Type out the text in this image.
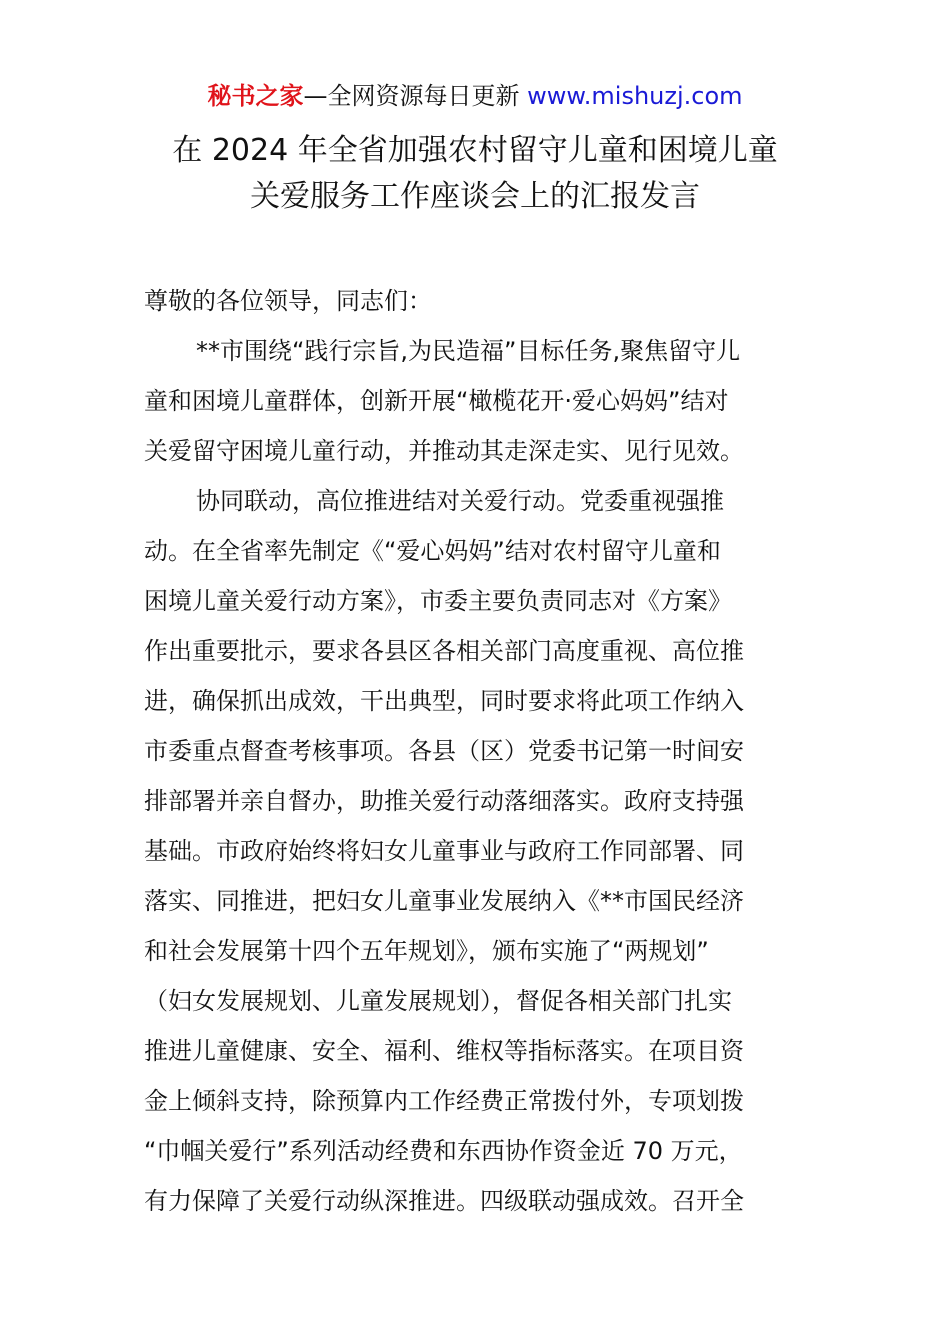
秘书之家—全网资源每日更新 www.mishuzj.com
在 2024 年全省加强农村留守儿童和困境儿童
关爱服务工作座谈会上的汇报发言
尊敬的各位领导，同志们：
**市围绕“践行宗旨,为民造福”目标任务,聚焦留守儿
童和困境儿童群体，创新开展“橄榄花开·爱心妈妈”结对
关爱留守困境儿童行动，并推动其走深走实、见行见效。
协同联动，高位推进结对关爱行动。党委重视强推
动。在全省率先制定《“爱心妈妈”结对农村留守儿童和
困境儿童关爱行动方案》，市委主要负责同志对《方案》
作出重要批示，要求各县区各相关部门高度重视、高位推
进，确保抓出成效，干出典型，同时要求将此项工作纳入
市委重点督查考核事项。各县（区）党委书记第一时间安
排部署并亲自督办，助推关爱行动落细落实。政府支持强
基础。市政府始终将妇女儿童事业与政府工作同部署、同
落实、同推进，把妇女儿童事业发展纳入《**市国民经济
和社会发展第十四个五年规划》，颁布实施了“两规划”
（妇女发展规划、儿童发展规划），督促各相关部门扎实
推进儿童健康、安全、福利、维权等指标落实。在项目资
金上倾斜支持，除预算内工作经费正常拨付外，专项划拨
“巾帼关爱行”系列活动经费和东西协作资金近 70 万元，
有力保障了关爱行动纵深推进。四级联动强成效。召开全
